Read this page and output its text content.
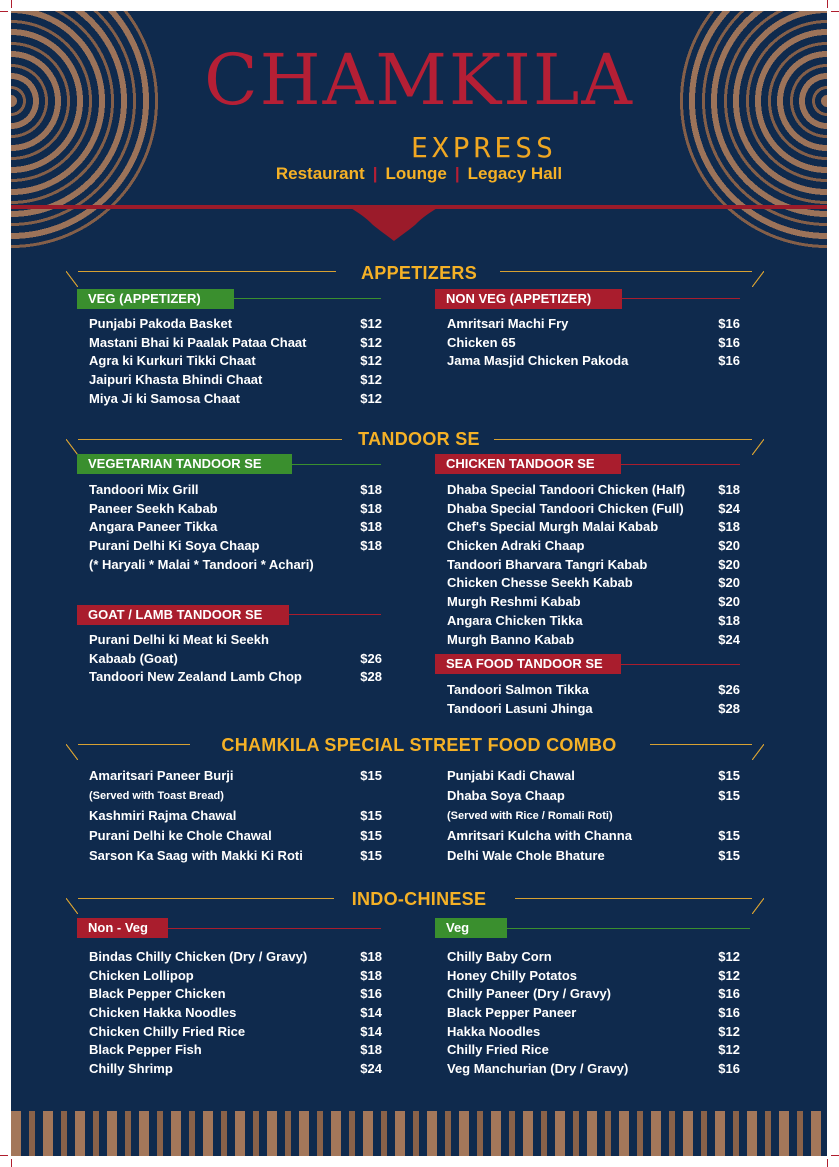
CHAMKILA
EXPRESS
Restaurant | Lounge | Legacy Hall
APPETIZERS
VEG (APPETIZER)
Punjabi Pakoda Basket	$12
Mastani Bhai ki Paalak Pataa Chaat	$12
Agra ki Kurkuri Tikki Chaat	$12
Jaipuri Khasta Bhindi Chaat	$12
Miya Ji ki Samosa Chaat	$12
NON VEG (APPETIZER)
Amritsari Machi Fry	$16
Chicken 65	$16
Jama Masjid Chicken Pakoda	$16
TANDOOR SE
VEGETARIAN TANDOOR SE
Tandoori Mix Grill	$18
Paneer Seekh Kabab	$18
Angara Paneer Tikka	$18
Purani Delhi Ki Soya Chaap	$18
(* Haryali * Malai * Tandoori * Achari)
GOAT / LAMB TANDOOR SE
Purani Delhi ki Meat ki Seekh
Kabaab (Goat)	$26
Tandoori New Zealand Lamb Chop	$28
CHICKEN TANDOOR SE
Dhaba Special Tandoori Chicken (Half)	$18
Dhaba Special Tandoori Chicken (Full)	$24
Chef's Special Murgh Malai Kabab	$18
Chicken Adraki Chaap	$20
Tandoori Bharvara Tangri Kabab	$20
Chicken Chesse Seekh Kabab	$20
Murgh Reshmi Kabab	$20
Angara Chicken Tikka	$18
Murgh Banno Kabab	$24
SEA FOOD TANDOOR SE
Tandoori Salmon Tikka	$26
Tandoori Lasuni Jhinga	$28
CHAMKILA SPECIAL STREET FOOD COMBO
Amaritsari Paneer Burji	$15
(Served with Toast Bread)
Kashmiri Rajma Chawal	$15
Purani Delhi ke Chole Chawal	$15
Sarson Ka Saag with Makki Ki Roti	$15
Punjabi Kadi Chawal	$15
Dhaba Soya Chaap	$15
(Served with Rice / Romali Roti)
Amritsari Kulcha with Channa	$15
Delhi Wale Chole Bhature	$15
INDO-CHINESE
Non - Veg
Bindas Chilly Chicken (Dry / Gravy)	$18
Chicken Lollipop	$18
Black Pepper Chicken	$16
Chicken Hakka Noodles	$14
Chicken Chilly Fried Rice	$14
Black Pepper Fish	$18
Chilly Shrimp	$24
Veg
Chilly Baby Corn	$12
Honey Chilly Potatos	$12
Chilly Paneer (Dry / Gravy)	$16
Black Pepper Paneer	$16
Hakka Noodles	$12
Chilly Fried Rice	$12
Veg Manchurian (Dry / Gravy)	$16
